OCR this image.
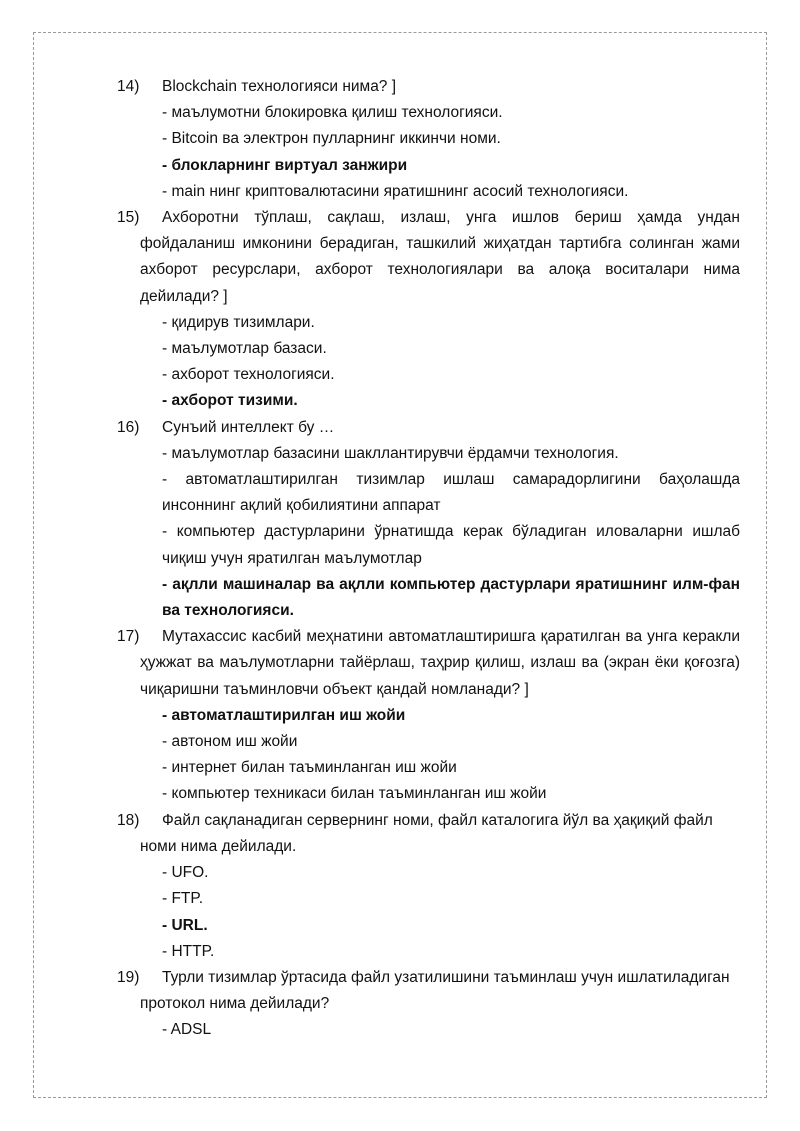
14)	Blockchain технологияси нима? ]
- маълумотни блокировка қилиш технологияси.
- Bitcoin ва электрон пулларнинг иккинчи номи.
- блокларнинг виртуал занжири
- main нинг криптовалютасини яратишнинг асосий технологияси.
15)	Ахборотни тўплаш, сақлаш, излаш, унга ишлов бериш ҳамда ундан фойдаланиш имконини берадиган, ташкилий жиҳатдан тартибга солинган жами ахборот ресурслари, ахборот технологиялари ва алоқа воситалари нима дейилади? ]
- қидирув тизимлари.
- маълумотлар базаси.
- ахборот технологияси.
- ахборот тизими.
16)	Сунъий интеллект бу …
- маълумотлар базасини шакллантирувчи ёрдамчи технология.
- автоматлаштирилган тизимлар ишлаш самарадорлигини баҳолашда инсоннинг ақлий қобилиятини аппарат
- компьютер дастурларини ўрнатишда керак бўладиган иловаларни ишлаб чиқиш учун яратилган маълумотлар
- ақлли машиналар ва ақлли компьютер дастурлари яратишнинг илм-фан ва технологияси.
17)	Мутахассис касбий меҳнатини автоматлаштиришга қаратилган ва унга керакли ҳужжат ва маълумотларни тайёрлаш, таҳрир қилиш, излаш ва (экран ёки қоғозга) чиқаришни таъминловчи объект қандай номланади? ]
- автоматлаштирилган иш жойи
- автоном иш жойи
- интернет билан таъминланган иш жойи
- компьютер техникаси билан таъминланган иш жойи
18)	Файл сақланадиган сервернинг номи, файл каталогига йўл ва ҳақиқий файл номи нима дейилади.
- UFO.
- FTP.
- URL.
- HTTP.
19)	Турли тизимлар ўртасида файл узатилишини таъминлаш учун ишлатиладиган протокол нима дейилади?
- ADSL
